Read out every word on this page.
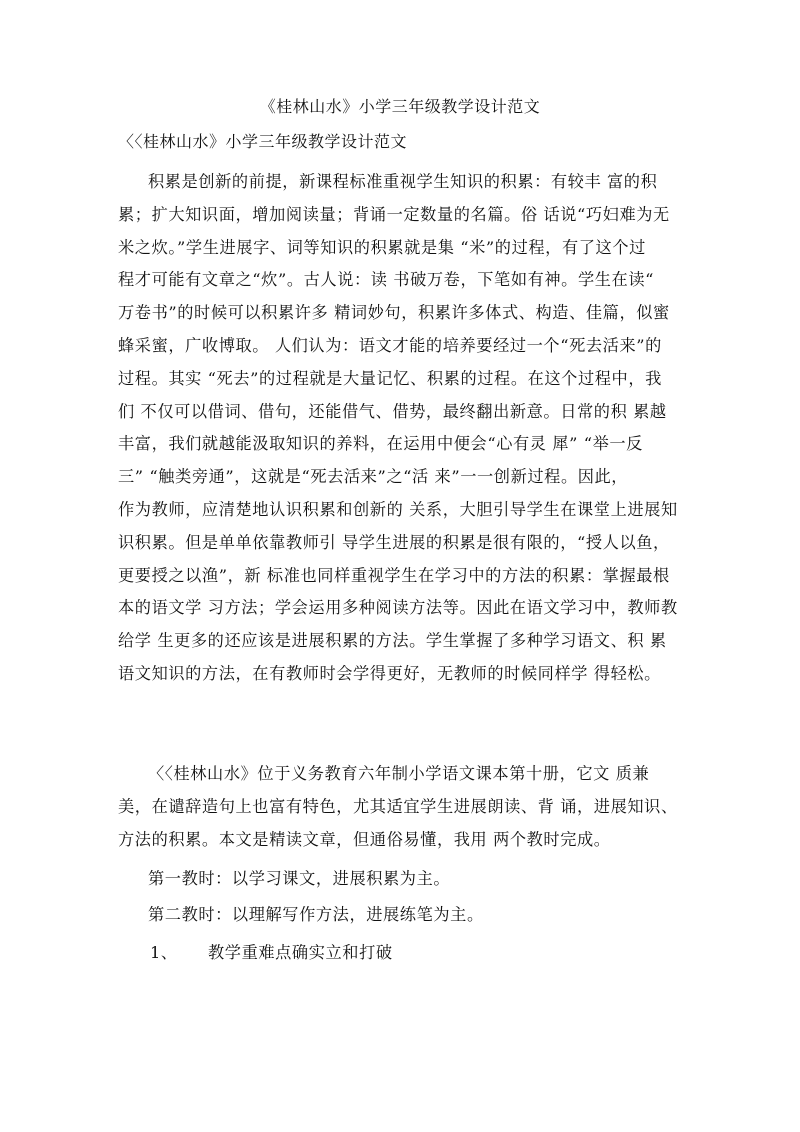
《桂林山水》小学三年级教学设计范文
〈〈桂林山水》小学三年级教学设计范文
积累是创新的前提，新课程标准重视学生知识的积累：有较丰 富的积
累；扩大知识面，增加阅读量；背诵一定数量的名篇。俗 话说“巧妇难为无
米之炊。”学生进展字、词等知识的积累就是集 “米”的过程，有了这个过
程才可能有文章之“炊”。古人说：读 书破万卷，下笔如有神。学生在读“
万卷书”的时候可以积累许多 精词妙句，积累许多体式、构造、佳篇，似蜜
蜂采蜜，广收博取。 人们认为：语文才能的培养要经过一个“死去活来”的
过程。其实 “死去”的过程就是大量记忆、积累的过程。在这个过程中，我
们 不仅可以借词、借句，还能借气、借势，最终翻出新意。日常的积 累越
丰富，我们就越能汲取知识的养料，在运用中便会“心有灵 犀” “举一反
三” “触类旁通”，这就是“死去活来”之“活 来”一一创新过程。因此，
作为教师，应清楚地认识积累和创新的 关系，大胆引导学生在课堂上进展知
识积累。但是单单依靠教师引 导学生进展的积累是很有限的，“授人以鱼，
更要授之以渔”，新 标准也同样重视学生在学习中的方法的积累：掌握最根
本的语文学 习方法；学会运用多种阅读方法等。因此在语文学习中，教师教
给学 生更多的还应该是进展积累的方法。学生掌握了多种学习语文、积 累
语文知识的方法，在有教师时会学得更好，无教师的时候同样学 得轻松。
〈〈桂林山水》位于义务教育六年制小学语文课本第十册，它文 质兼
美，在谴辞造句上也富有特色，尤其适宜学生进展朗读、背 诵，进展知识、
方法的积累。本文是精读文章，但通俗易懂，我用 两个教时完成。
第一教时：以学习课文，进展积累为主。
第二教时：以理解写作方法，进展练笔为主。
1、 教学重难点确实立和打破
